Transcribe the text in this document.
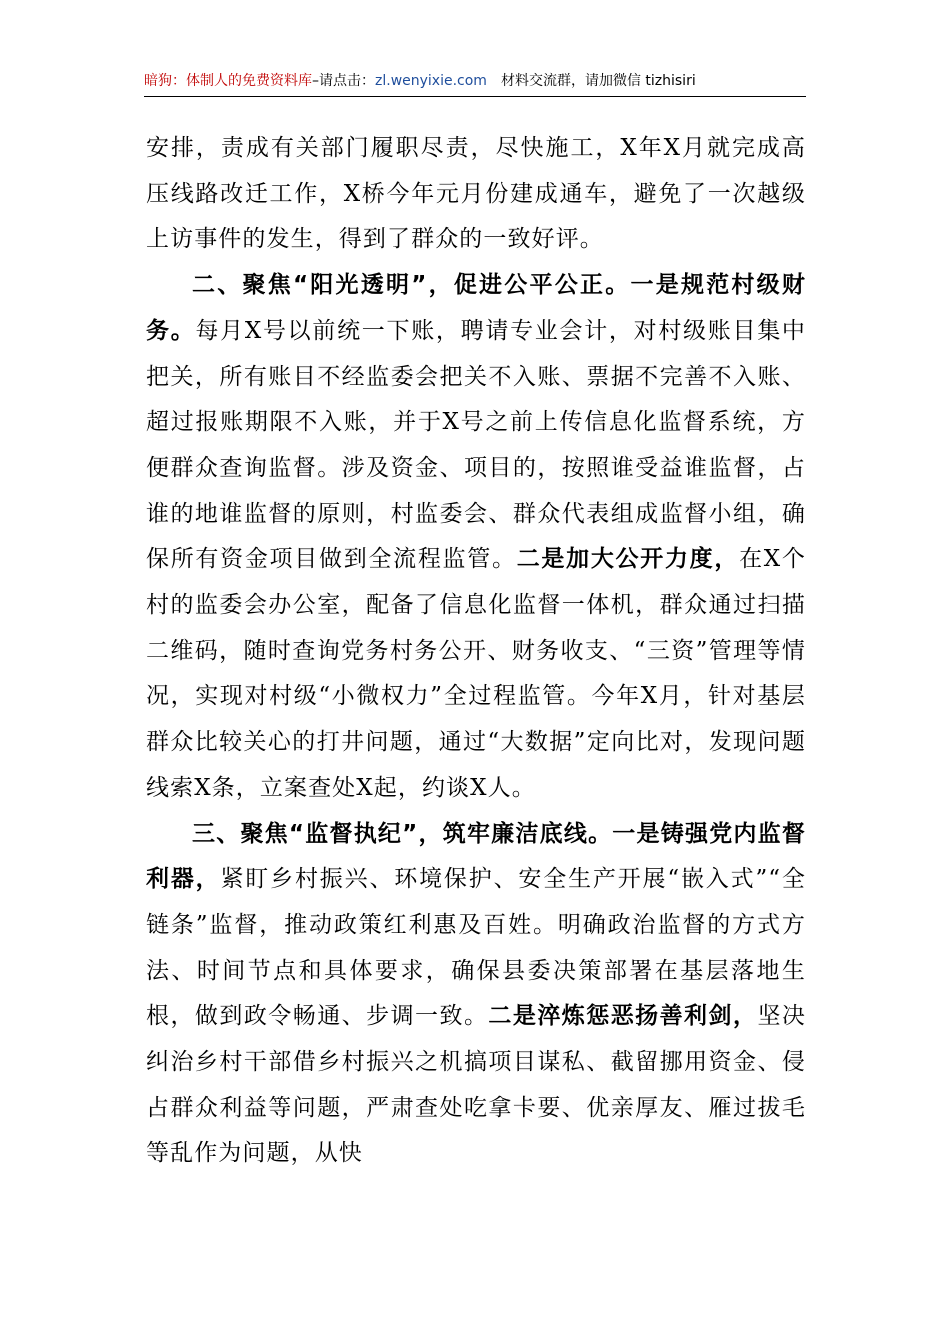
暗狗：体制人的免费资料库–请点击：zl.wenyixie.com 材料交流群，请加微信 tizhisiri

安排，责成有关部门履职尽责，尽快施工，X年X月就完成高压线路改迁工作，X桥今年元月份建成通车，避免了一次越级上访事件的发生，得到了群众的一致好评。

二、聚焦“阳光透明”，促进公平公正。一是规范村级财务。每月X号以前统一下账，聘请专业会计，对村级账目集中把关，所有账目不经监委会把关不入账、票据不完善不入账、超过报账期限不入账，并于X号之前上传信息化监督系统，方便群众查询监督。涉及资金、项目的，按照谁受益谁监督，占谁的地谁监督的原则，村监委会、群众代表组成监督小组，确保所有资金项目做到全流程监管。二是加大公开力度，在X个村的监委会办公室，配备了信息化监督一体机，群众通过扫描二维码，随时查询党务村务公开、财务收支、“三资”管理等情况，实现对村级“小微权力”全过程监管。今年X月，针对基层群众比较关心的打井问题，通过“大数据”定向比对，发现问题线索X条，立案查处X起，约谈X人。

三、聚焦“监督执纪”，筑牢廉洁底线。一是铸强党内监督利器，紧盯乡村振兴、环境保护、安全生产开展“嵌入式”“全链条”监督，推动政策红利惠及百姓。明确政治监督的方式方法、时间节点和具体要求，确保县委决策部署在基层落地生根，做到政令畅通、步调一致。二是淬炼惩恶扬善利剑，坚决纠治乡村干部借乡村振兴之机搞项目谋私、截留挪用资金、侵占群众利益等问题，严肃查处吃拿卡要、优亲厚友、雁过拔毛等乱作为问题，从快
